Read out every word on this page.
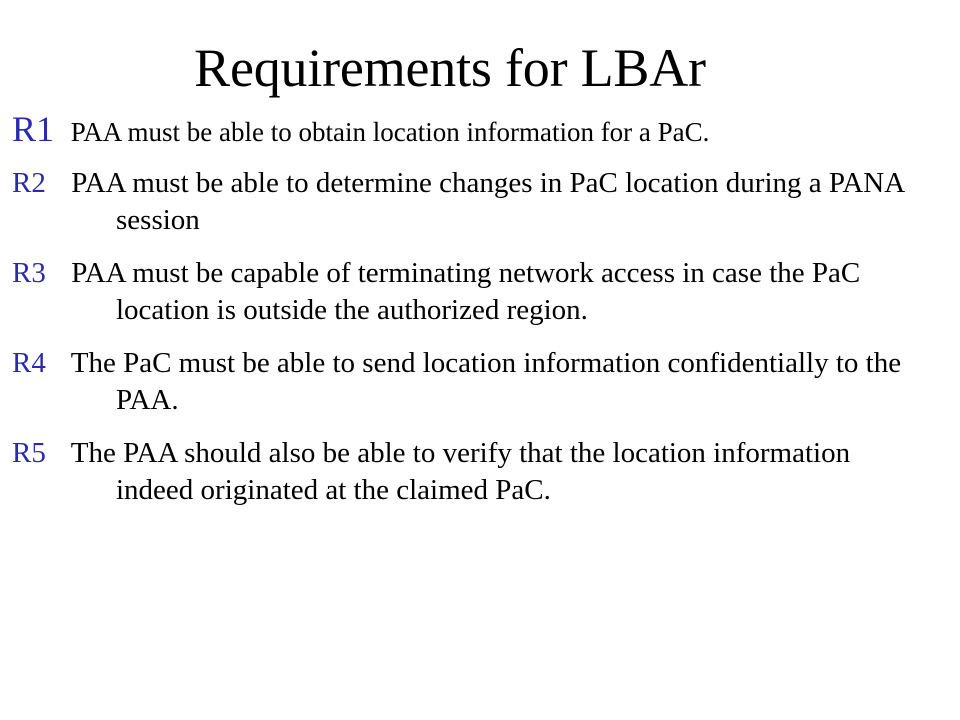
Requirements for LBAr
R1 PAA must be able to obtain location information for a PaC.
R2 PAA must be able to determine changes in PaC location during a PANA session
R3 PAA must be capable of terminating network access in case the PaC location is outside the authorized region.
R4 The PaC must be able to send location information confidentially to the PAA.
R5 The PAA should also be able to verify that the location information indeed originated at the claimed PaC.
